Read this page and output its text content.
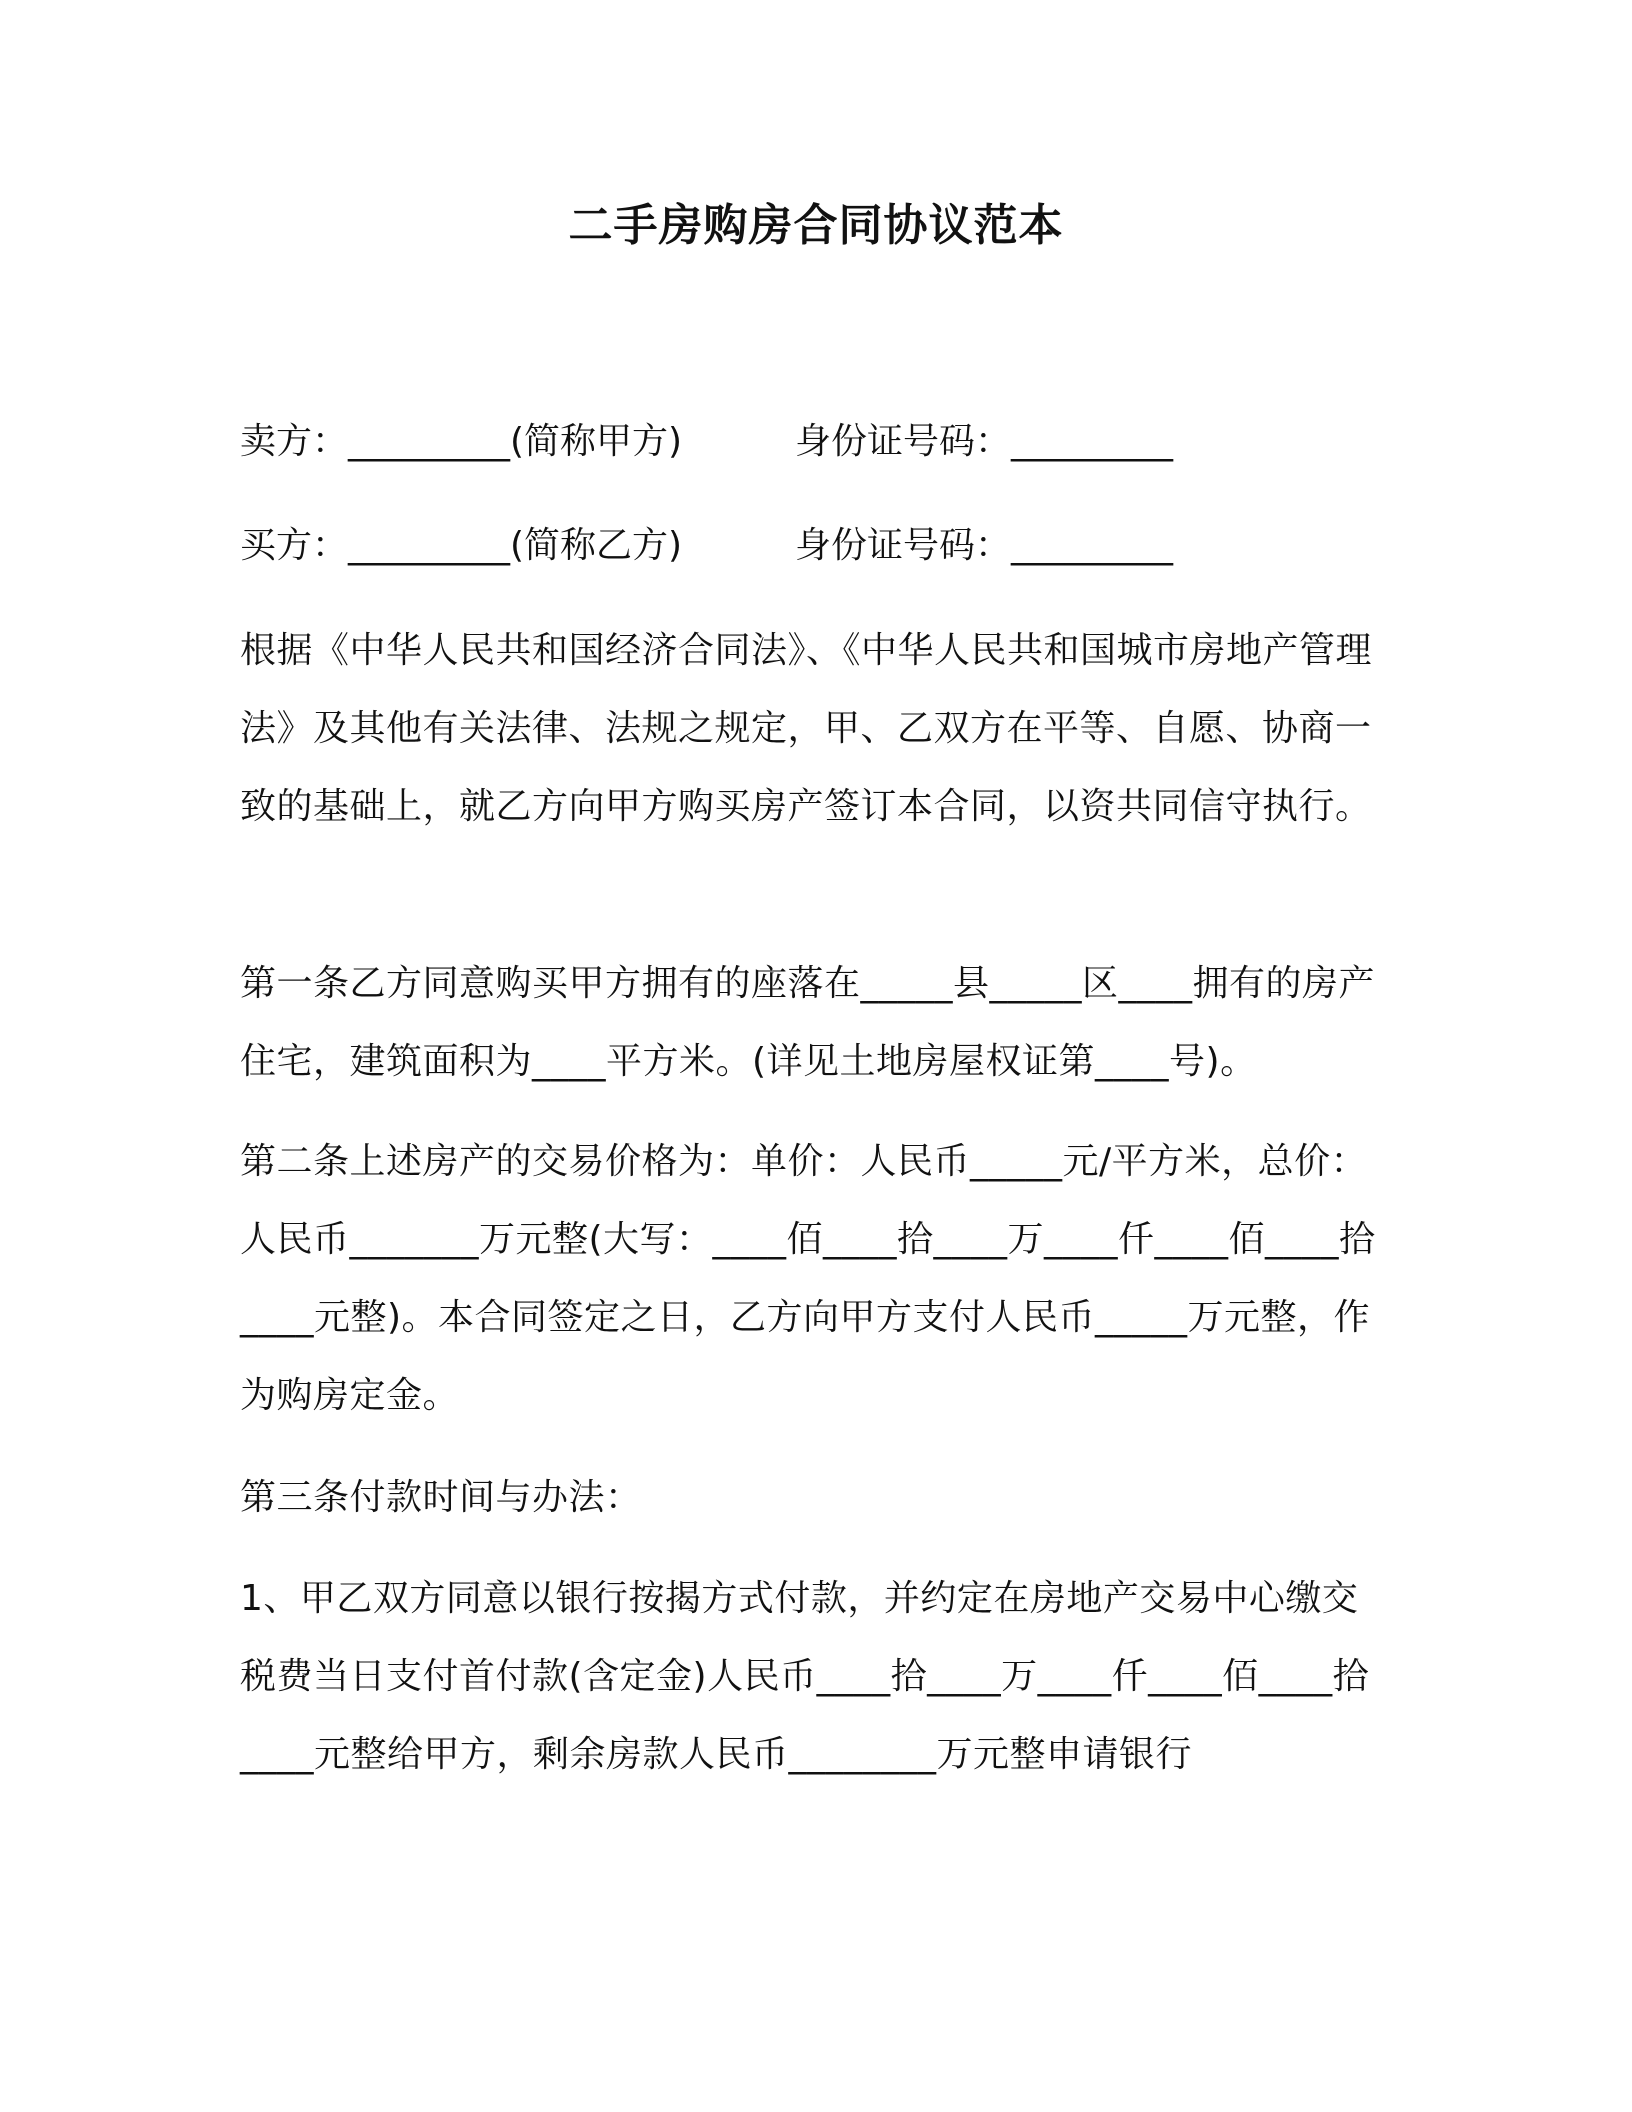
二手房购房合同协议范本
卖方：_________(简称甲方)	身份证号码：_________
买方：_________(简称乙方)	身份证号码：_________

根据《中华人民共和国经济合同法》、《中华人民共和国城市房地产管理法》及其他有关法律、法规之规定，甲、乙双方在平等、自愿、协商一致的基础上，就乙方向甲方购买房产签订本合同，以资共同信守执行。

第一条乙方同意购买甲方拥有的座落在_____县_____区____拥有的房产住宅，建筑面积为____平方米。(详见土地房屋权证第____号)。

第二条上述房产的交易价格为：单价：人民币_____元/平方米，总价：人民币_______万元整(大写：____佰____拾____万____仟____佰____拾____元整)。本合同签定之日，乙方向甲方支付人民币_____万元整，作为购房定金。

第三条付款时间与办法：

1、甲乙双方同意以银行按揭方式付款，并约定在房地产交易中心缴交税费当日支付首付款(含定金)人民币____拾____万____仟____佰____拾____元整给甲方，剩余房款人民币________万元整申请银行
